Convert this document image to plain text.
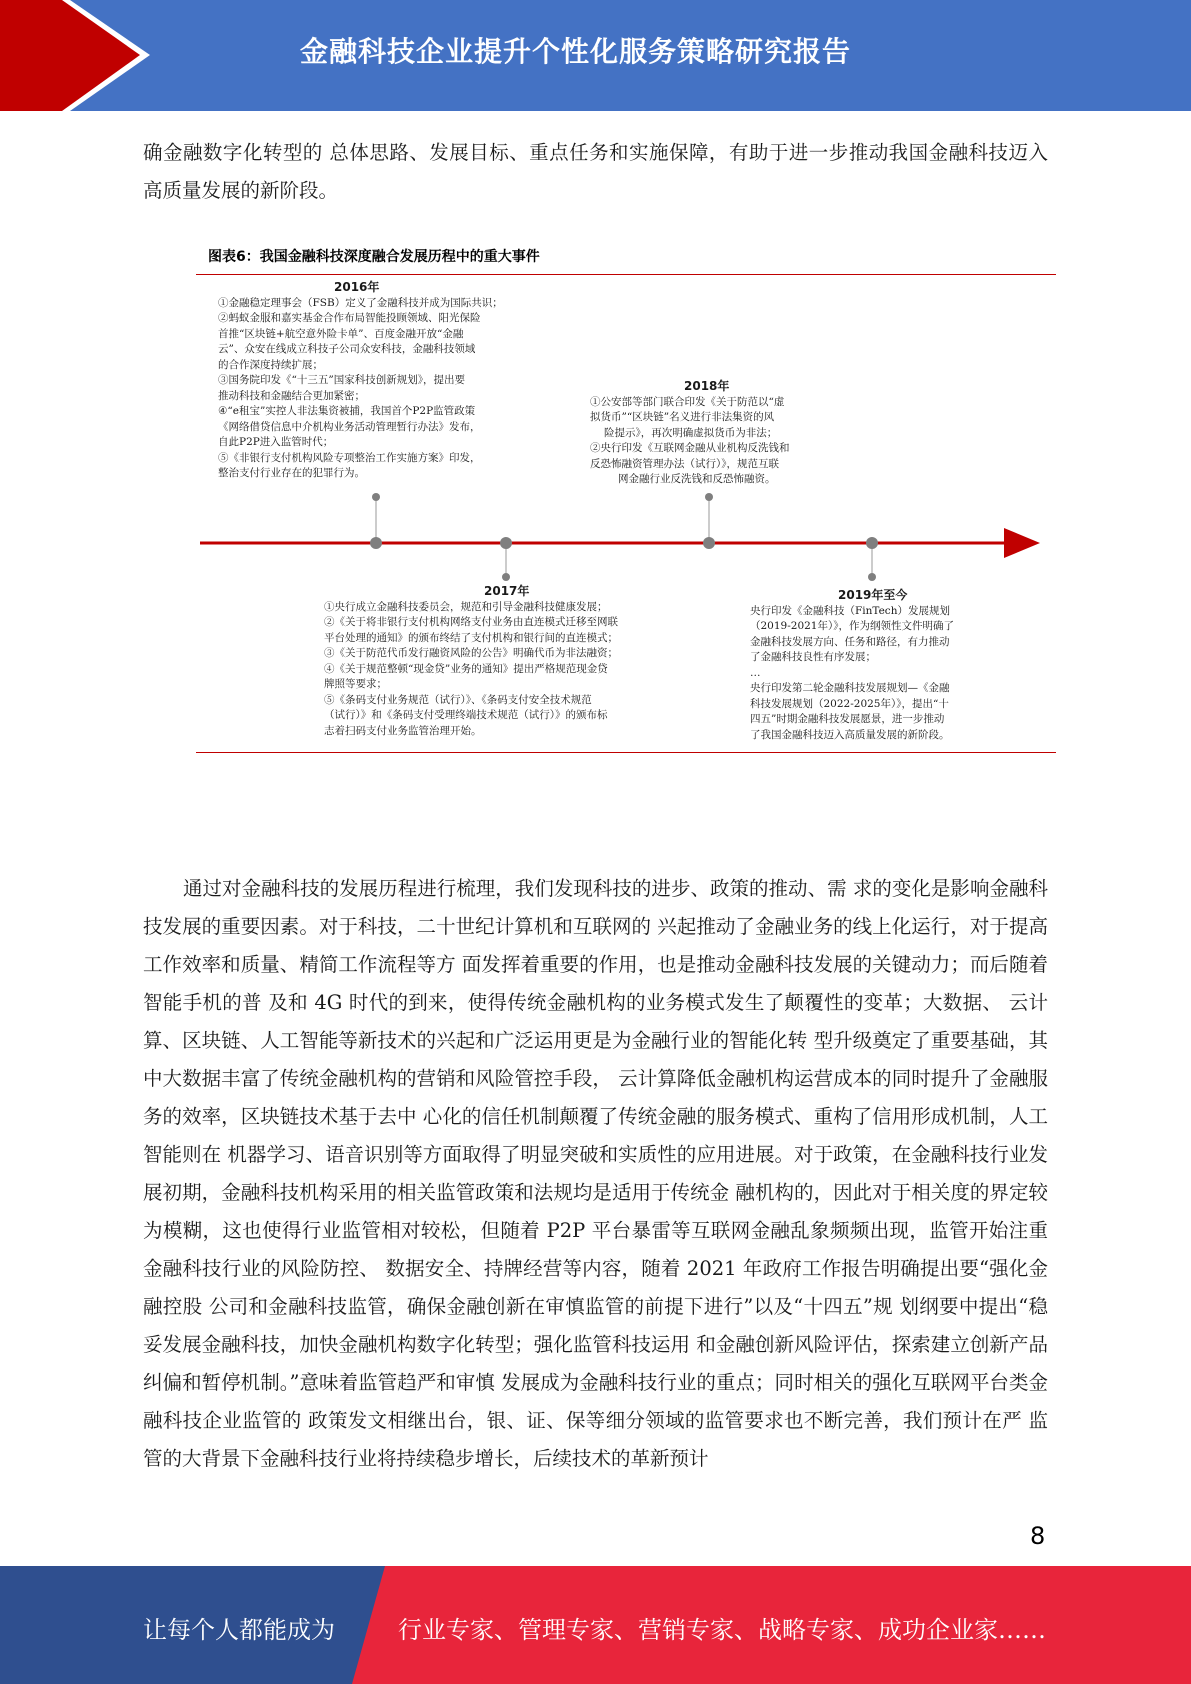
金融科技企业提升个性化服务策略研究报告

确金融数字化转型的 总体思路、发展目标、重点任务和实施保障，有助于进一步推动我国金融科技迈入 高质量发展的新阶段。

图表6：我国金融科技深度融合发展历程中的重大事件
2016年
①金融稳定理事会（FSB）定义了金融科技并成为国际共识；
②蚂蚁金服和嘉实基金合作布局智能投顾领域、阳光保险
首推“区块链+航空意外险卡单”、百度金融开放“金融
云”、众安在线成立科技子公司众安科技，金融科技领域
的合作深度持续扩展；
③国务院印发《“十三五”国家科技创新规划》，提出要
推动科技和金融结合更加紧密；
④“e租宝”实控人非法集资被捕，我国首个P2P监管政策
《网络借贷信息中介机构业务活动管理暂行办法》发布，
自此P2P进入监管时代；
⑤《非银行支付机构风险专项整治工作实施方案》印发，
整治支付行业存在的犯罪行为。
2018年
①公安部等部门联合印发《关于防范以“虚
拟货币”“区块链”名义进行非法集资的风
险提示》，再次明确虚拟货币为非法；
②央行印发《互联网金融从业机构反洗钱和
反恐怖融资管理办法（试行）》，规范互联
网金融行业反洗钱和反恐怖融资。
2017年
①央行成立金融科技委员会，规范和引导金融科技健康发展；
②《关于将非银行支付机构网络支付业务由直连模式迁移至网联
平台处理的通知》的颁布终结了支付机构和银行间的直连模式；
③《关于防范代币发行融资风险的公告》明确代币为非法融资；
④《关于规范整顿“现金贷”业务的通知》提出严格规范现金贷
牌照等要求；
⑤《条码支付业务规范（试行）》、《条码支付安全技术规范
（试行）》和《条码支付受理终端技术规范（试行）》的颁布标
志着扫码支付业务监管治理开始。
2019年至今
央行印发《金融科技（FinTech）发展规划
（2019-2021年）》，作为纲领性文件明确了
金融科技发展方向、任务和路径，有力推动
了金融科技良性有序发展；
…
央行印发第二轮金融科技发展规划—《金融
科技发展规划（2022-2025年）》，提出“十
四五”时期金融科技发展愿景，进一步推动
了我国金融科技迈入高质量发展的新阶段。

通过对金融科技的发展历程进行梳理，我们发现科技的进步、政策的推动、需 求的变化是影响金融科技发展的重要因素。对于科技，二十世纪计算机和互联网的 兴起推动了金融业务的线上化运行，对于提高工作效率和质量、精简工作流程等方 面发挥着重要的作用，也是推动金融科技发展的关键动力；而后随着智能手机的普 及和 4G 时代的到来，使得传统金融机构的业务模式发生了颠覆性的变革；大数据、 云计算、区块链、人工智能等新技术的兴起和广泛运用更是为金融行业的智能化转 型升级奠定了重要基础，其中大数据丰富了传统金融机构的营销和风险管控手段， 云计算降低金融机构运营成本的同时提升了金融服务的效率，区块链技术基于去中 心化的信任机制颠覆了传统金融的服务模式、重构了信用形成机制，人工智能则在 机器学习、语音识别等方面取得了明显突破和实质性的应用进展。对于政策，在金融科技行业发展初期，金融科技机构采用的相关监管政策和法规均是适用于传统金 融机构的，因此对于相关度的界定较为模糊，这也使得行业监管相对较松，但随着 P2P 平台暴雷等互联网金融乱象频频出现，监管开始注重金融科技行业的风险防控、 数据安全、持牌经营等内容，随着 2021 年政府工作报告明确提出要“强化金融控股 公司和金融科技监管，确保金融创新在审慎监管的前提下进行”以及“十四五”规 划纲要中提出“稳妥发展金融科技，加快金融机构数字化转型；强化监管科技运用 和金融创新风险评估，探索建立创新产品纠偏和暂停机制。”意味着监管趋严和审慎 发展成为金融科技行业的重点；同时相关的强化互联网平台类金融科技企业监管的 政策发文相继出台，银、证、保等细分领域的监管要求也不断完善，我们预计在严 监管的大背景下金融科技行业将持续稳步增长，后续技术的革新预计

8
让每个人都能成为	行业专家、管理专家、营销专家、战略专家、成功企业家……
